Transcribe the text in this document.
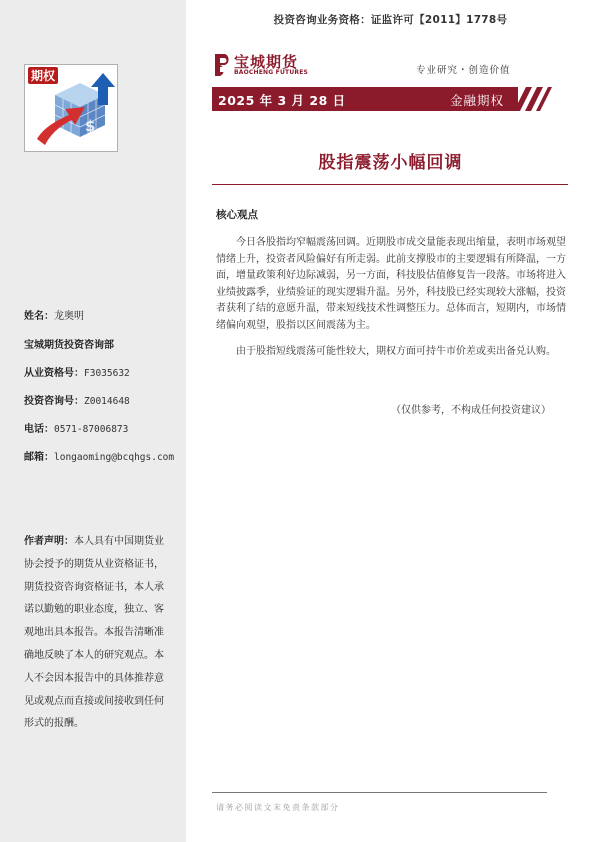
投资咨询业务资格：证监许可【2011】1778号
$
期权
宝城期货
BAOCHENG FUTURES	专业研究・创造价值
2025 年 3 月 28 日	金融期权
股指震荡小幅回调
核心观点

今日各股指均窄幅震荡回调。近期股市成交量能表现出缩量，表明市场观望情绪上升，投资者风险偏好有所走弱。此前支撑股市的主要逻辑有所降温，一方面，增量政策利好边际减弱，另一方面，科技股估值修复告一段落。市场将进入业绩披露季，业绩验证的现实逻辑升温。另外，科技股已经实现较大涨幅，投资者获利了结的意愿升温，带来短线技术性调整压力。总体而言，短期内，市场情绪偏向观望，股指以区间震荡为主。

由于股指短线震荡可能性较大，期权方面可持牛市价差或卖出备兑认购。

（仅供参考，不构成任何投资建议）
姓名：龙奥明
宝城期货投资咨询部
从业资格号：F3035632
投资咨询号：Z0014648
电话：0571-87006873
邮箱：longaoming@bcqhgs.com
作者声明：本人具有中国期货业协会授予的期货从业资格证书，期货投资咨询资格证书，本人承诺以勤勉的职业态度，独立、客观地出具本报告。本报告清晰准确地反映了本人的研究观点。本人不会因本报告中的具体推荐意见或观点而直接或间接收到任何形式的报酬。
请务必阅读文末免责条款部分
